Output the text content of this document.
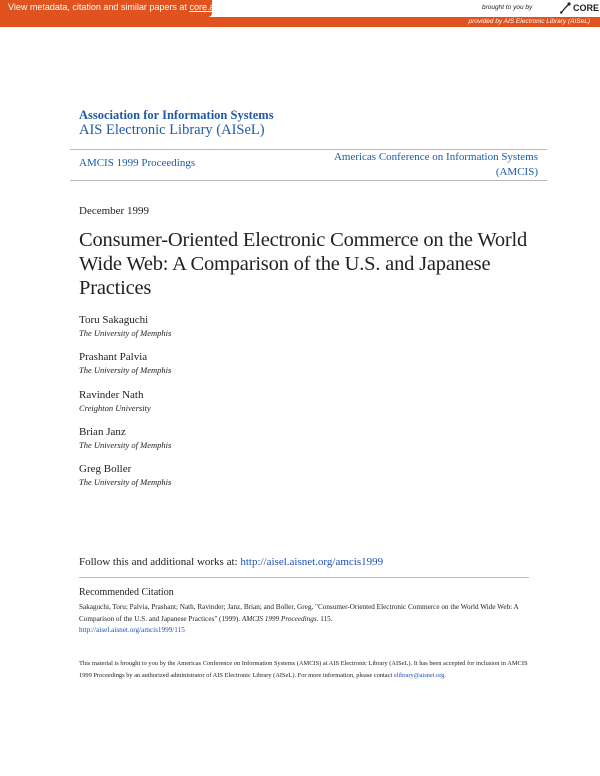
View metadata, citation and similar papers at core.ac.uk	brought to you by	CORE
provided by AIS Electronic Library (AISeL)
Association for Information Systems
AIS Electronic Library (AISeL)
AMCIS 1999 Proceedings	Americas Conference on Information Systems (AMCIS)
December 1999
Consumer-Oriented Electronic Commerce on the World Wide Web: A Comparison of the U.S. and Japanese Practices
Toru Sakaguchi
The University of Memphis
Prashant Palvia
The University of Memphis
Ravinder Nath
Creighton University
Brian Janz
The University of Memphis
Greg Boller
The University of Memphis
Follow this and additional works at: http://aisel.aisnet.org/amcis1999
Recommended Citation
Sakaguchi, Toru; Palvia, Prashant; Nath, Ravinder; Janz, Brian; and Boller, Greg, "Consumer-Oriented Electronic Commerce on the World Wide Web: A Comparison of the U.S. and Japanese Practices" (1999). AMCIS 1999 Proceedings. 115.
http://aisel.aisnet.org/amcis1999/115
This material is brought to you by the Americas Conference on Information Systems (AMCIS) at AIS Electronic Library (AISeL). It has been accepted for inclusion in AMCIS 1999 Proceedings by an authorized administrator of AIS Electronic Library (AISeL). For more information, please contact elibrary@aisnet.org.
